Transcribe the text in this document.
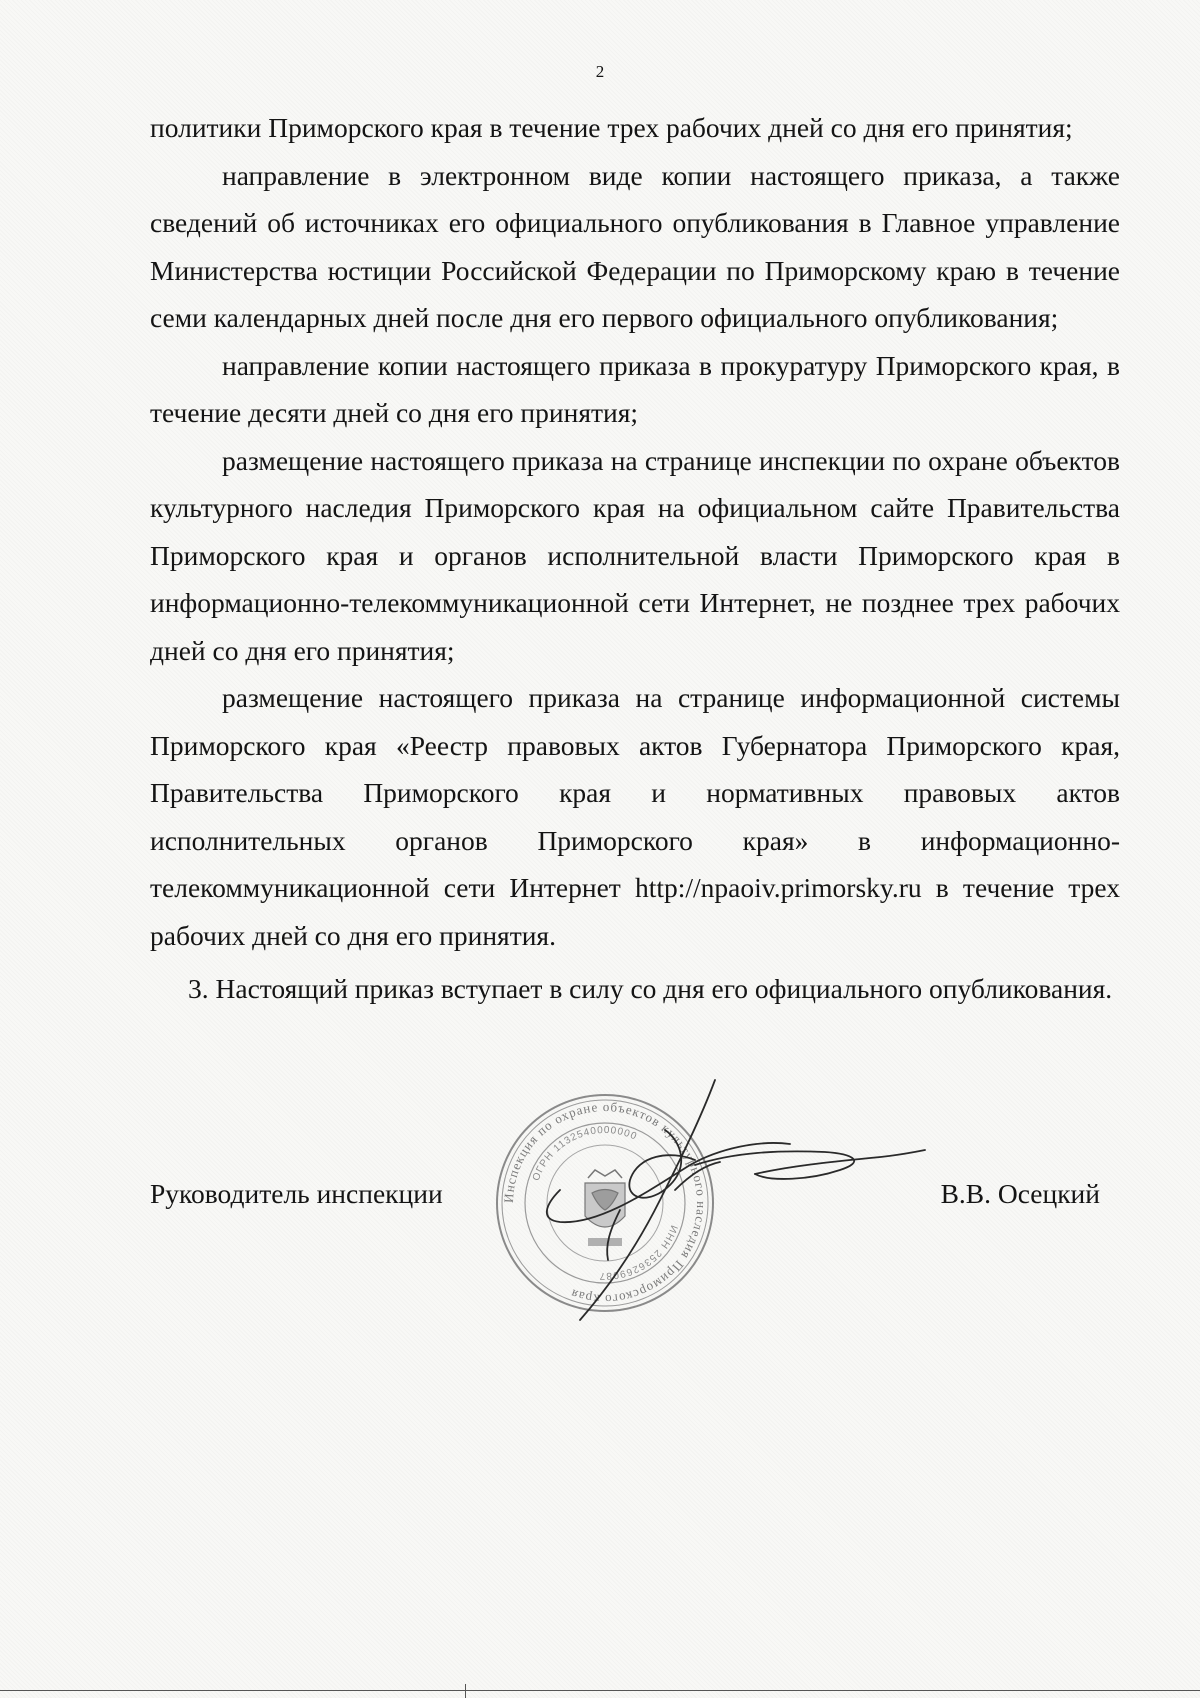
2

политики Приморского края в течение трех рабочих дней со дня его принятия;

направление в электронном виде копии настоящего приказа, а также сведений об источниках его официального опубликования в Главное управление Министерства юстиции Российской Федерации по Приморскому краю в течение семи календарных дней после дня его первого официального опубликования;

направление копии настоящего приказа в прокуратуру Приморского края, в течение десяти дней со дня его принятия;

размещение настоящего приказа на странице инспекции по охране объектов культурного наследия Приморского края на официальном сайте Правительства Приморского края и органов исполнительной власти Приморского края в информационно-телекоммуникационной сети Интернет, не позднее трех рабочих дней со дня его принятия;

размещение настоящего приказа на странице информационной системы Приморского края «Реестр правовых актов Губернатора Приморского края, Правительства Приморского края и нормативных правовых актов исполнительных органов Приморского края» в информационно-телекоммуникационной сети Интернет http://npaoiv.primorsky.ru в течение трех рабочих дней со дня его принятия.

3. Настоящий приказ вступает в силу со дня его официального опубликования.

Инспекция по охране объектов культурного наследия Приморского края
ОГРН 1132540000000
ИНН 2536269087
Руководитель инспекции	В.В. Осецкий
